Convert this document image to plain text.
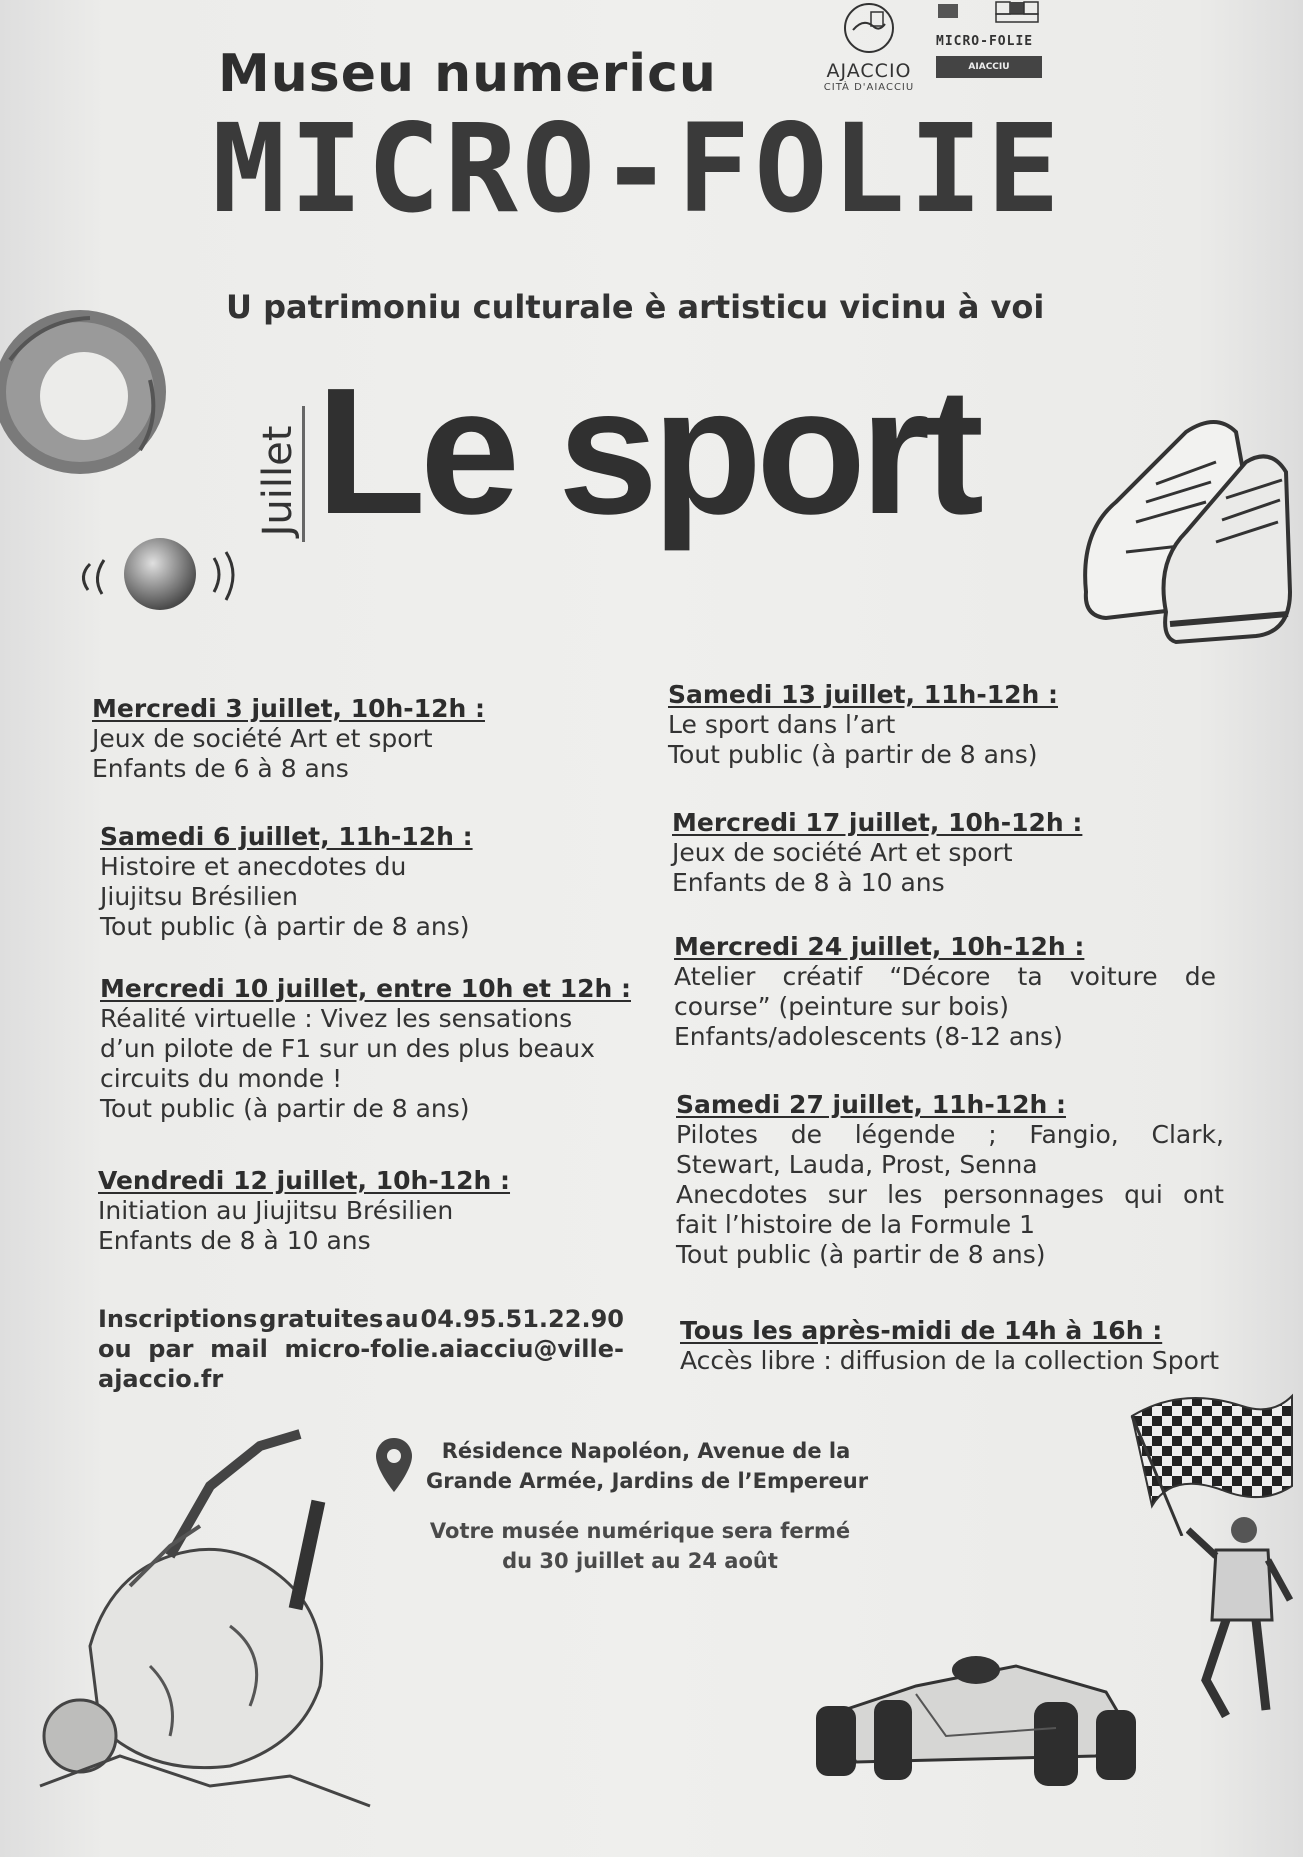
Museu numericu
MICRO-FOLIE
U patrimoniu culturale è artisticu vicinu à voi
Juillet Le sport
AJACCIO
CITÀ D'AIACCIU
MICRO-FOLIE
AIACCIU
Mercredi 3 juillet, 10h-12h :
Jeux de société Art et sport
Enfants de 6 à 8 ans
Samedi 6 juillet, 11h-12h :
Histoire et anecdotes du
Jiujitsu Brésilien
Tout public (à partir de 8 ans)
Mercredi 10 juillet, entre 10h et 12h :
Réalité virtuelle : Vivez les sensations
d’un pilote de F1 sur un des plus beaux
circuits du monde !
Tout public (à partir de 8 ans)
Vendredi 12 juillet, 10h-12h :
Initiation au Jiujitsu Brésilien
Enfants de 8 à 10 ans
Inscriptions gratuites au 04.95.51.22.90
ou par mail micro-folie.aiacciu@ville-
ajaccio.fr
Samedi 13 juillet, 11h-12h :
Le sport dans l’art
Tout public (à partir de 8 ans)
Mercredi 17 juillet, 10h-12h :
Jeux de société Art et sport
Enfants de 8 à 10 ans
Mercredi 24 juillet, 10h-12h :
Atelier créatif “Décore ta voiture de
course” (peinture sur bois)
Enfants/adolescents (8-12 ans)
Samedi 27 juillet, 11h-12h :
Pilotes de légende ; Fangio, Clark,
Stewart, Lauda, Prost, Senna
Anecdotes sur les personnages qui ont
fait l’histoire de la Formule 1
Tout public (à partir de 8 ans)
Tous les après-midi de 14h à 16h :
Accès libre : diffusion de la collection Sport
Résidence Napoléon, Avenue de la
Grande Armée, Jardins de l’Empereur
Votre musée numérique sera fermé
du 30 juillet au 24 août
